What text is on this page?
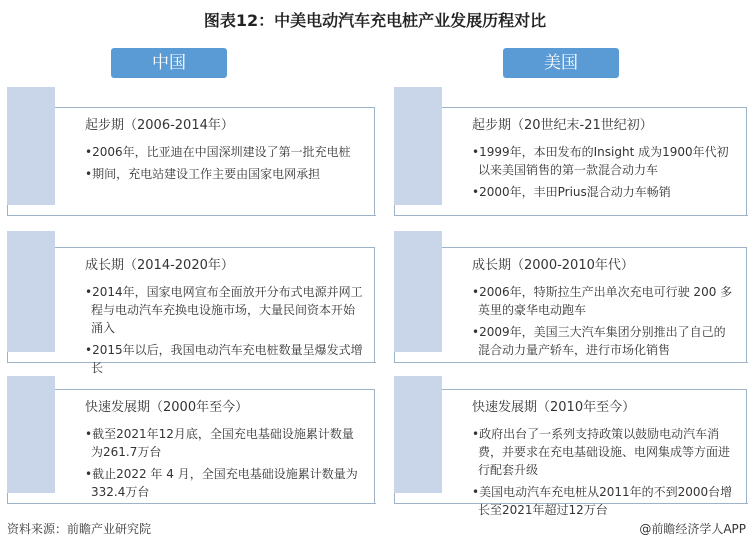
图表12：中美电动汽车充电桩产业发展历程对比
中国	美国
起步期（2006-2014年）
•2006年，比亚迪在中国深圳建设了第一批充电桩
•期间，充电站建设工作主要由国家电网承担
成长期（2014-2020年）
•2014年，国家电网宣布全面放开分布式电源并网工程与电动汽车充换电设施市场，大量民间资本开始涌入
•2015年以后，我国电动汽车充电桩数量呈爆发式增长
快速发展期（2000年至今）
•截至2021年12月底，全国充电基础设施累计数量为261.7万台
•截止2022 年 4 月，全国充电基础设施累计数量为332.4万台
起步期（20世纪末-21世纪初）
•1999年，本田发布的Insight 成为1900年代初以来美国销售的第一款混合动力车
•2000年，丰田Prius混合动力车畅销
成长期（2000-2010年代）
•2006年，特斯拉生产出单次充电可行驶 200 多英里的豪华电动跑车
•2009年，美国三大汽车集团分别推出了自己的混合动力量产轿车，进行市场化销售
快速发展期（2010年至今）
•政府出台了一系列支持政策以鼓励电动汽车消费，并要求在充电基础设施、电网集成等方面进行配套升级
•美国电动汽车充电桩从2011年的不到2000台增长至2021年超过12万台
资料来源：前瞻产业研究院	@前瞻经济学人APP
